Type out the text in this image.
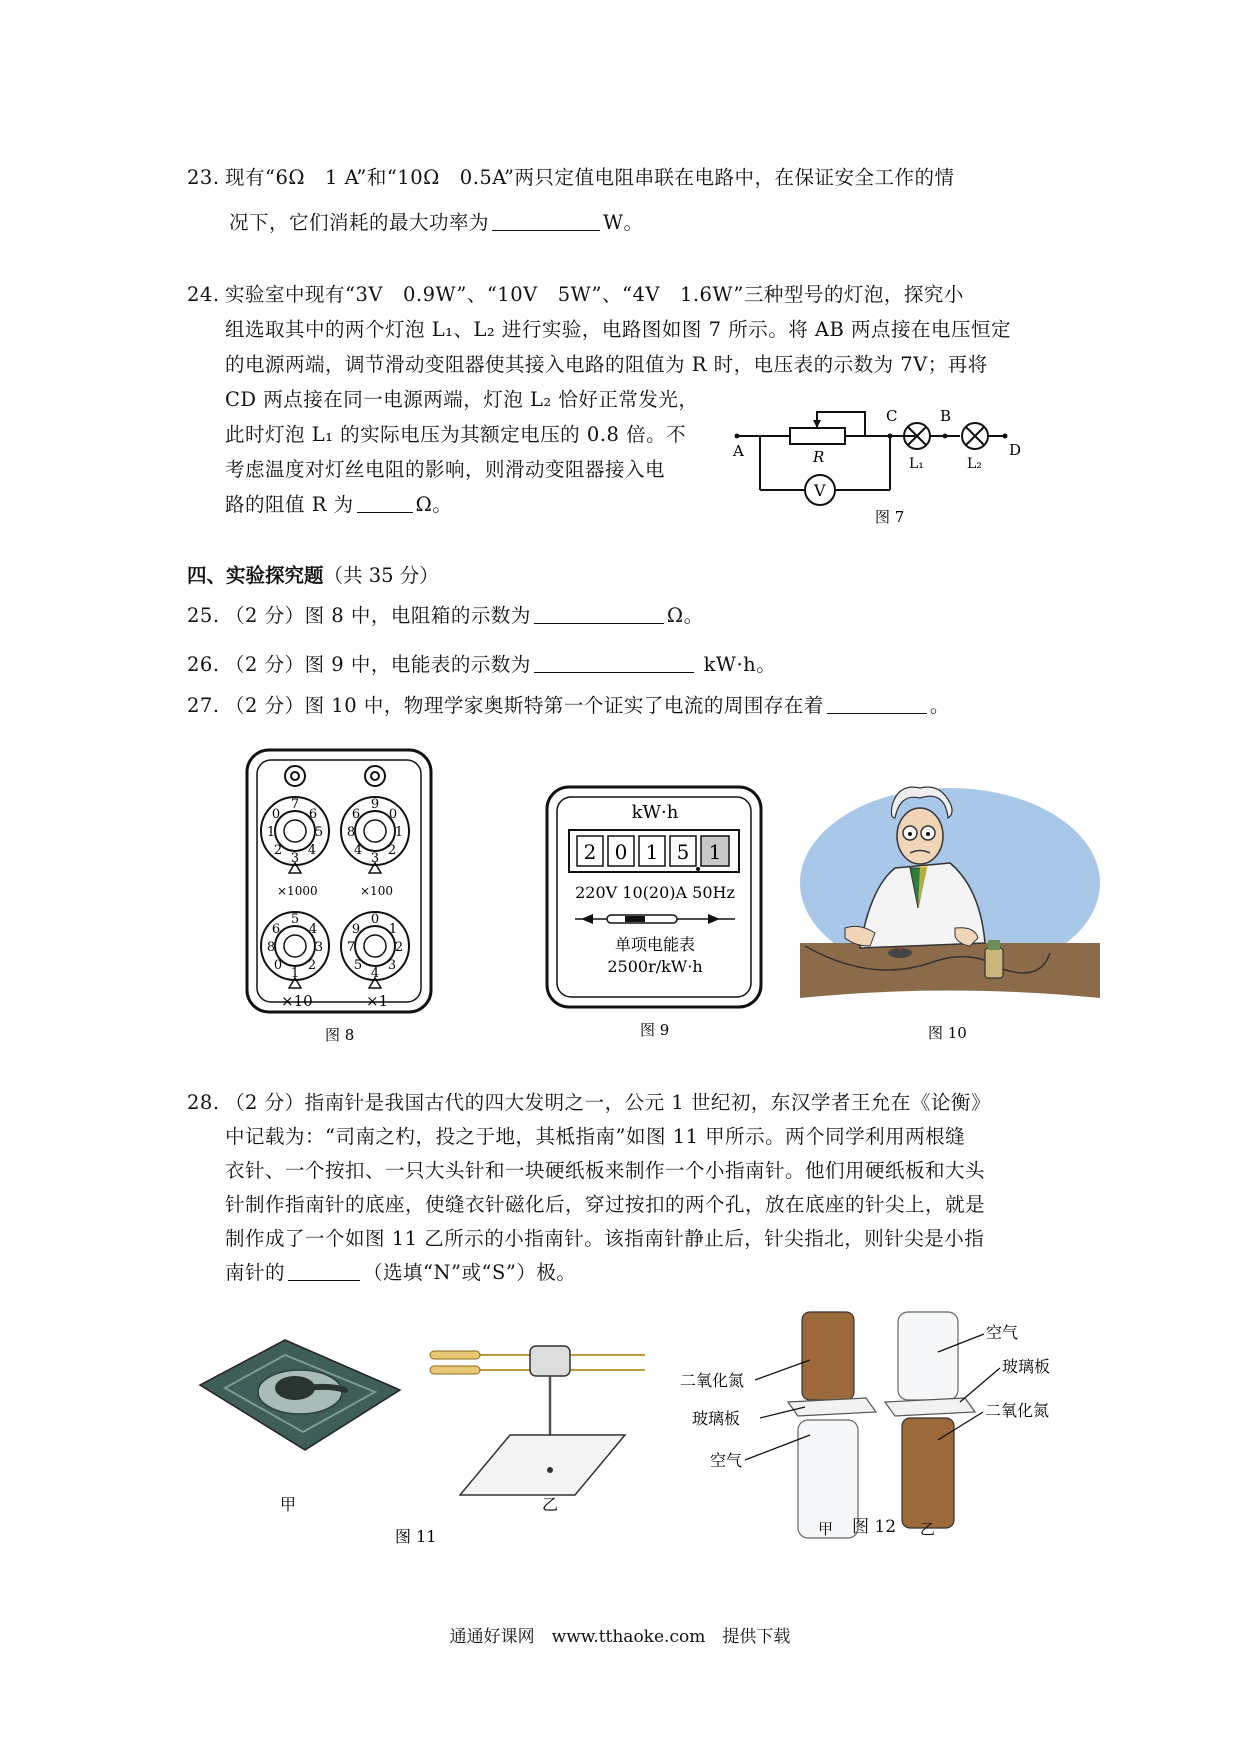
23. 现有“6Ω　1 A”和“10Ω　0.5A”两只定值电阻串联在电路中，在保证安全工作的情
况下，它们消耗的最大功率为	W。
24. 实验室中现有“3V　0.9W”、“10V　5W”、“4V　1.6W”三种型号的灯泡，探究小
组选取其中的两个灯泡 L₁、L₂ 进行实验，电路图如图 7 所示。将 AB 两点接在电压恒定
的电源两端，调节滑动变阻器使其接入电路的阻值为 R 时，电压表的示数为 7V；再将
CD 两点接在同一电源两端，灯泡 L₂ 恰好正常发光，
此时灯泡 L₁ 的实际电压为其额定电压的 0.8 倍。不
考虑温度对灯丝电阻的影响，则滑动变阻器接入电
路的阻值 R 为	Ω。
A
C	B
D
R	L₁	L₂
V
图 7
四、实验探究题（共 35 分）
25. （2 分）图 8 中，电阻箱的示数为	Ω。
26. （2 分）图 9 中，电能表的示数为	kW·h。
27. （2 分）图 10 中，物理学家奥斯特第一个证实了电流的周围存在着	。
7
6
5
4
3
2
1
0
9
0
1
2
3
4
8
6
×1000	×100
5
4
3
2
1
0
8
6
0
1
2
3
4
5
7
9
×10	×1
图 8
kW·h
2 0 1 5 1
220V 10(20)A 50Hz
单项电能表
2500r/kW·h
图 9	图 10
28. （2 分）指南针是我国古代的四大发明之一，公元 1 世纪初，东汉学者王允在《论衡》
中记载为：“司南之杓，投之于地，其柢指南”如图 11 甲所示。两个同学利用两根缝
衣针、一个按扣、一只大头针和一块硬纸板来制作一个小指南针。他们用硬纸板和大头
针制作指南针的底座，使缝衣针磁化后，穿过按扣的两个孔，放在底座的针尖上，就是
制作成了一个如图 11 乙所示的小指南针。该指南针静止后，针尖指北，则针尖是小指
南针的	（选填“N”或“S”）极。
甲	乙
图 11
二氧化氮
玻璃板
空气
甲
空气
玻璃板
二氧化氮
乙
图 12
通通好课网　www.tthaoke.com　提供下载
